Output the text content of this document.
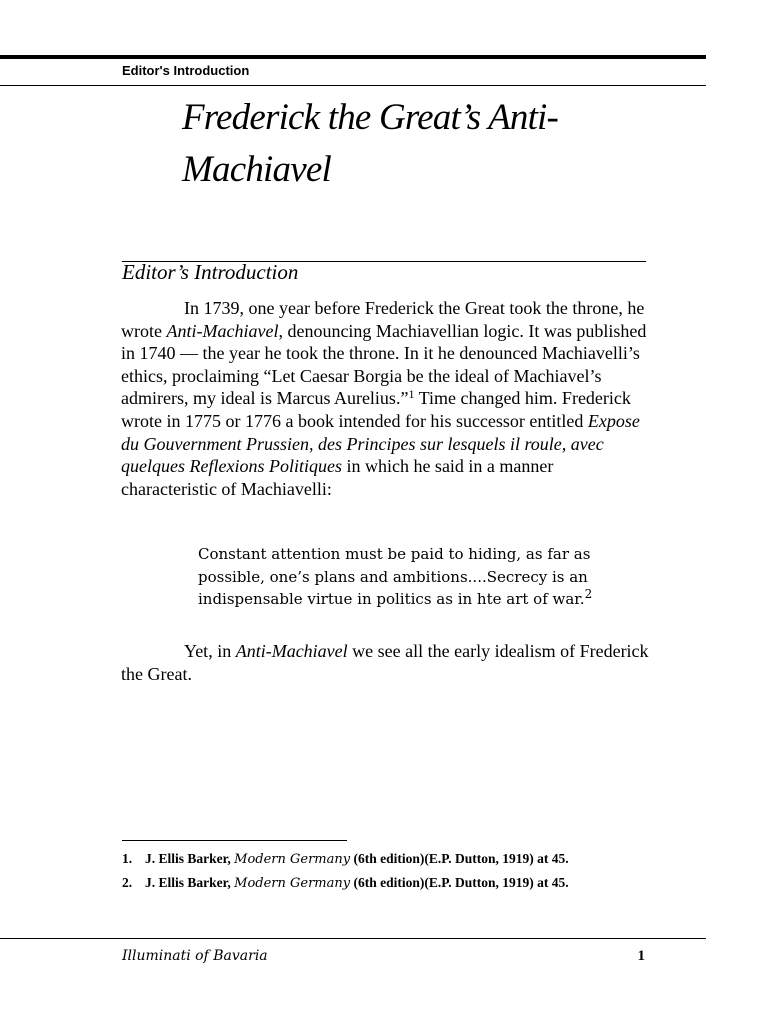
Editor's Introduction
Frederick the Great’s Anti-Machiavel
Editor’s Introduction

In 1739, one year before Frederick the Great took the throne, he wrote Anti-Machiavel, denouncing Machiavellian logic. It was published in 1740 — the year he took the throne. In it he denounced Machiavelli’s ethics, proclaiming “Let Caesar Borgia be the ideal of Machiavel’s admirers, my ideal is Marcus Aurelius.”$^1$ Time changed him. Frederick wrote in 1775 or 1776 a book intended for his successor entitled Expose du Gouvernment Prussien, des Principes sur lesquels il roule, avec quelques Reflexions Politiques in which he said in a manner characteristic of Machiavelli:

Constant attention must be paid to hiding, as far as possible, one’s plans and ambitions....Secrecy is an indispensable virtue in politics as in hte art of war.$^2$

Yet, in Anti-Machiavel we see all the early idealism of Frederick the Great.

1. J. Ellis Barker, Modern Germany (6th edition)(E.P. Dutton, 1919) at 45.
2. J. Ellis Barker, Modern Germany (6th edition)(E.P. Dutton, 1919) at 45.
Illuminati of Bavaria	1
